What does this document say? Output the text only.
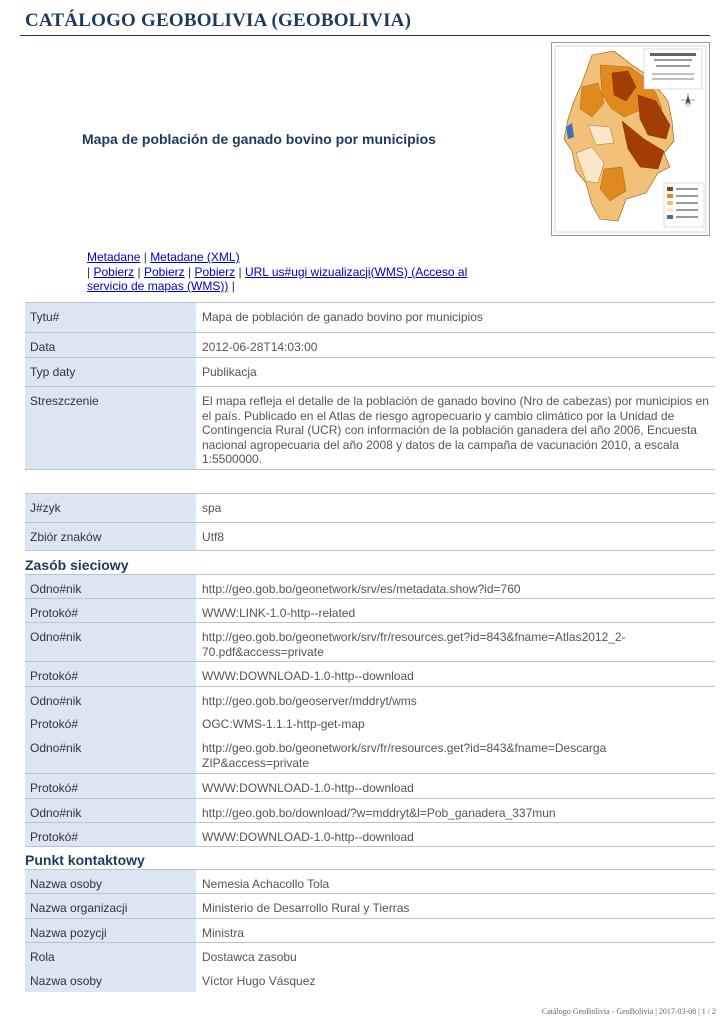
CATÁLOGO GEOBOLIVIA (GEOBOLIVIA)
Mapa de población de ganado bovino por municipios
Metadane | Metadane (XML)
| Pobierz | Pobierz | Pobierz | URL us#ugi wizualizacji(WMS) (Acceso al servicio de mapas (WMS)) |
Tytu#	Mapa de población de ganado bovino por municipios
Data	2012-06-28T14:03:00
Typ daty	Publikacja
Streszczenie	El mapa refleja el detalle de la población de ganado bovino (Nro de cabezas) por municipios en el país. Publicado en el Atlas de riesgo agropecuario y cambio climático por la Unidad de Contingencia Rural (UCR) con información de la población ganadera del año 2006, Encuesta nacional agropecuaria del año 2008 y datos de la campaña de vacunación 2010, a escala 1:5500000.
J#zyk	spa
Zbiór znaków	Utf8
Zasób sieciowy
Odno#nik	http://geo.gob.bo/geonetwork/srv/es/metadata.show?id=760
Protokó#	WWW:LINK-1.0-http--related
Odno#nik	http://geo.gob.bo/geonetwork/srv/fr/resources.get?id=843&fname=Atlas2012_2-70.pdf&access=private
Protokó#	WWW:DOWNLOAD-1.0-http--download
Odno#nik	http://geo.gob.bo/geoserver/mddryt/wms
Protokó#	OGC:WMS-1.1.1-http-get-map
Odno#nik	http://geo.gob.bo/geonetwork/srv/fr/resources.get?id=843&fname=Descarga ZIP&access=private
Protokó#	WWW:DOWNLOAD-1.0-http--download
Odno#nik	http://geo.gob.bo/download/?w=mddryt&l=Pob_ganadera_337mun
Protokó#	WWW:DOWNLOAD-1.0-http--download
Punkt kontaktowy
Nazwa osoby	Nemesia Achacollo Tola
Nazwa organizacji	Ministerio de Desarrollo Rural y Tierras
Nazwa pozycji	Ministra
Rola	Dostawca zasobu
Nazwa osoby	Víctor Hugo Vásquez
Catálogo GeoBolivia - GeoBolivia | 2017-03-08 | 1 / 2
